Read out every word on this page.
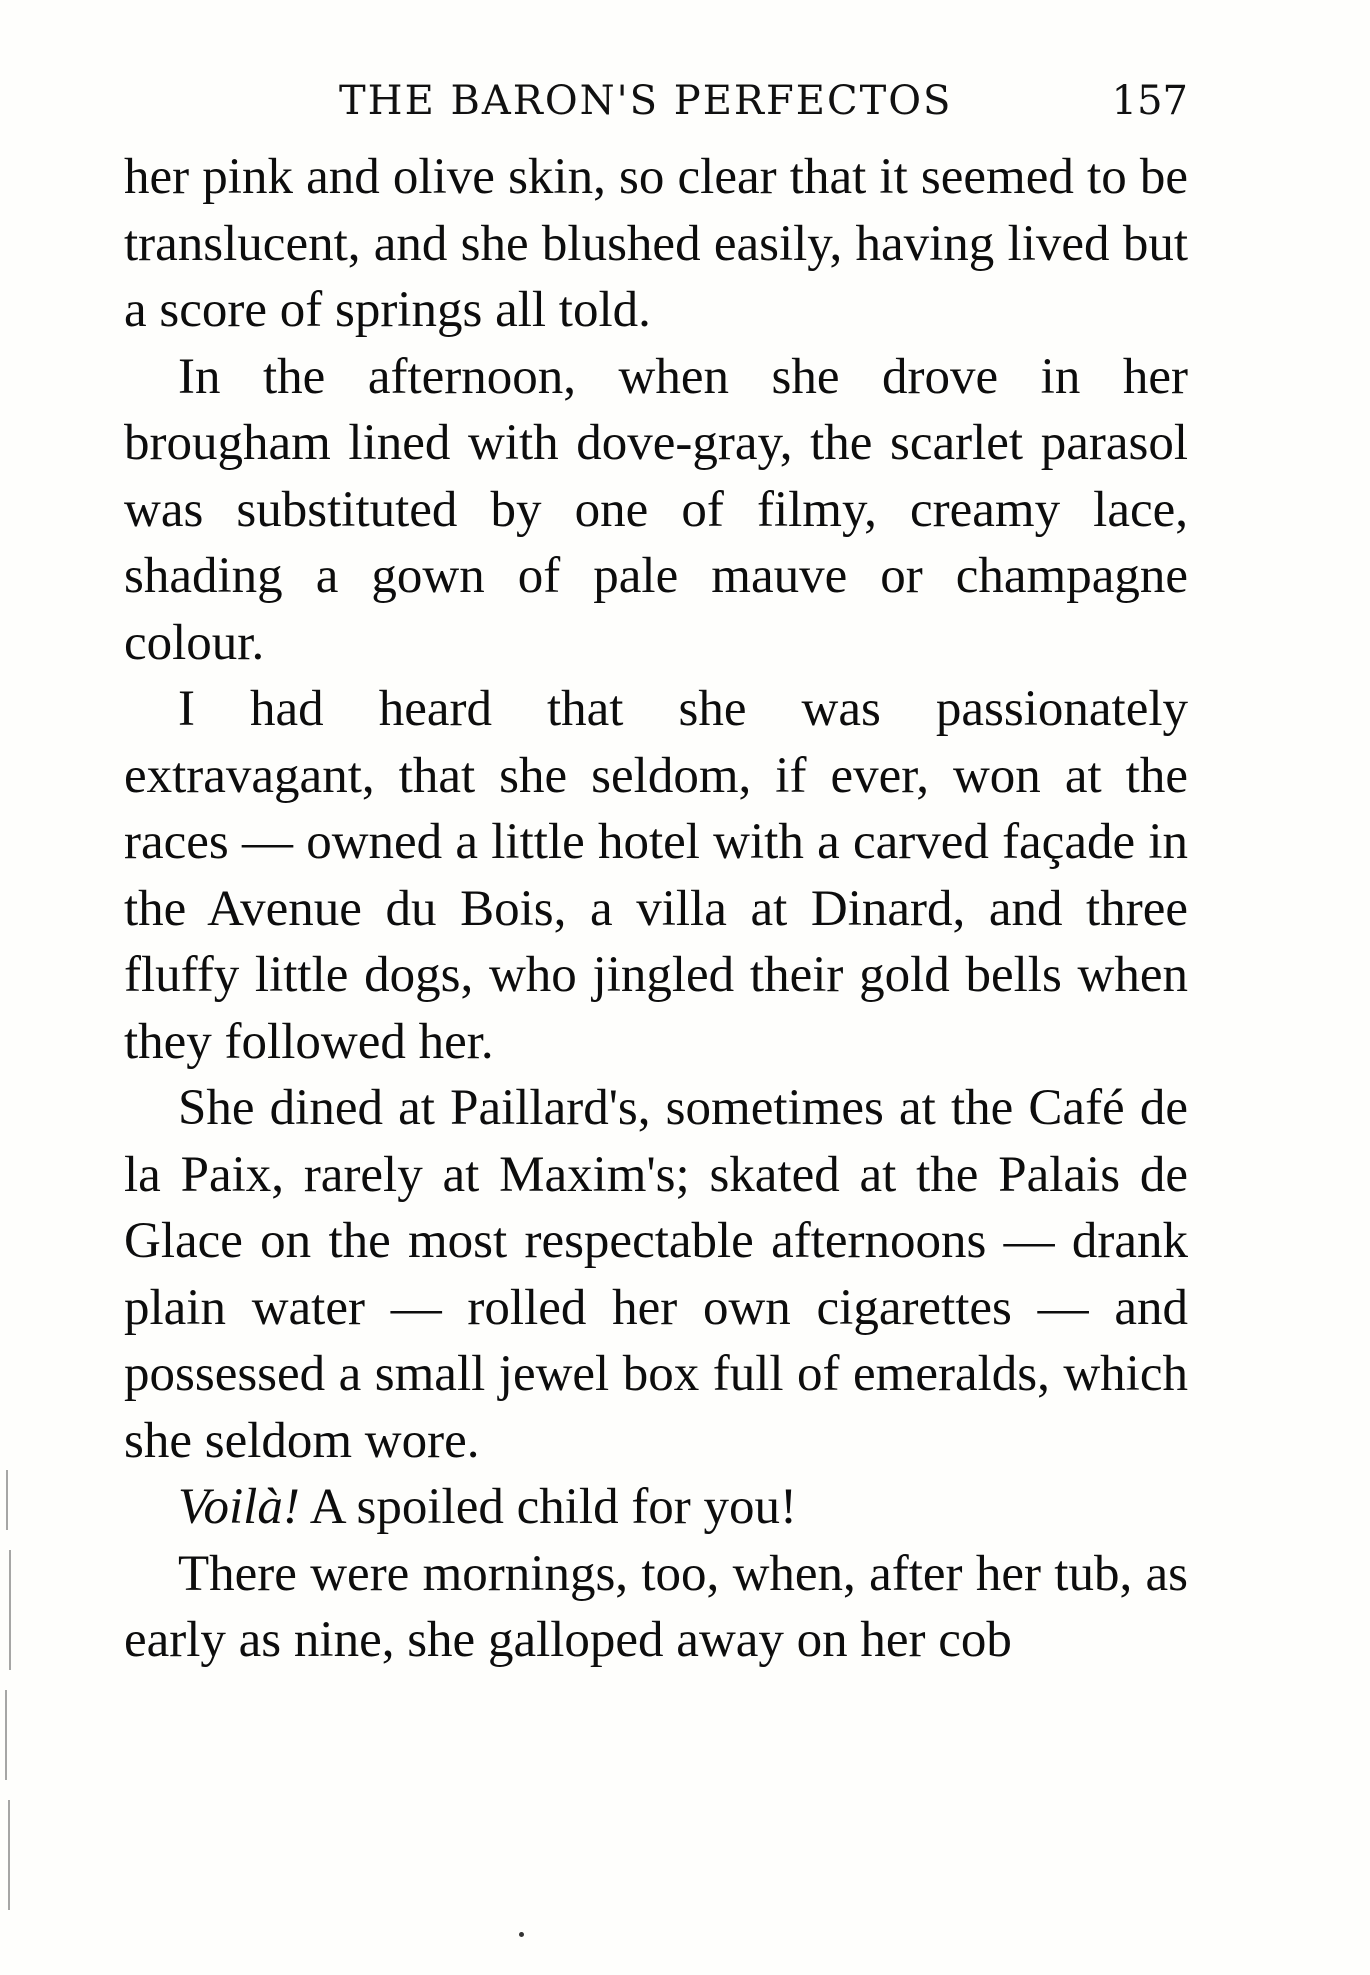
THE BARON'S PERFECTOS	157

her pink and olive skin, so clear that it seemed to be translucent, and she blushed easily, having lived but a score of springs all told.

In the afternoon, when she drove in her brougham lined with dove-gray, the scarlet parasol was substituted by one of filmy, creamy lace, shading a gown of pale mauve or champagne colour.

I had heard that she was passionately extravagant, that she seldom, if ever, won at the races — owned a little hotel with a carved façade in the Avenue du Bois, a villa at Dinard, and three fluffy little dogs, who jingled their gold bells when they followed her.

She dined at Paillard's, sometimes at the Café de la Paix, rarely at Maxim's; skated at the Palais de Glace on the most respectable afternoons — drank plain water — rolled her own cigarettes — and possessed a small jewel box full of emeralds, which she seldom wore.

Voilà! A spoiled child for you!

There were mornings, too, when, after her tub, as early as nine, she galloped away on her cob
